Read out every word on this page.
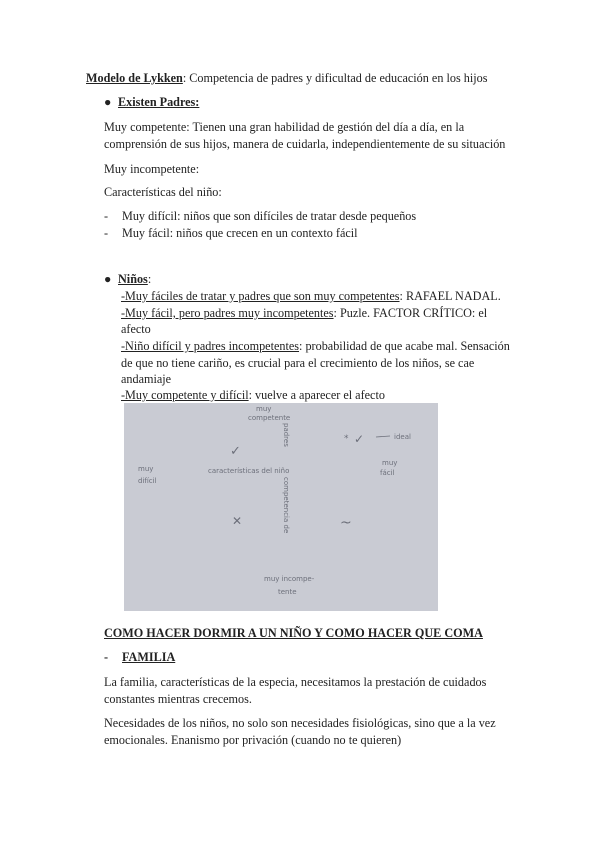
Modelo de Lykken: Competencia de padres y dificultad de educación en los hijos
● Existen Padres:
Muy competente: Tienen una gran habilidad de gestión del día a día, en la
comprensión de sus hijos, manera de cuidarla, independientemente de su situación
Muy incompetente:
Características del niño:
- Muy difícil: niños que son difíciles de tratar desde pequeños
- Muy fácil: niños que crecen en un contexto fácil
● Niños:
-Muy fáciles de tratar y padres que son muy competentes: RAFAEL NADAL.
-Muy fácil, pero padres muy incompetentes: Puzle. FACTOR CRÍTICO: el
afecto
-Niño difícil y padres incompetentes: probabilidad de que acabe mal. Sensación
de que no tiene cariño, es crucial para el crecimiento de los niños, se cae
andamiaje
-Muy competente y difícil: vuelve a aparecer el afecto
muy
competente
muy
difícil
muy
fácil
características del niño
padres
competencia de
muy incompe-
tente
ideal
✓
✓
✕	~
*
COMO HACER DORMIR A UN NIÑO Y COMO HACER QUE COMA
- FAMILIA
La familia, características de la especia, necesitamos la prestación de cuidados
constantes mientras crecemos.
Necesidades de los niños, no solo son necesidades fisiológicas, sino que a la vez
emocionales. Enanismo por privación (cuando no te quieren)
